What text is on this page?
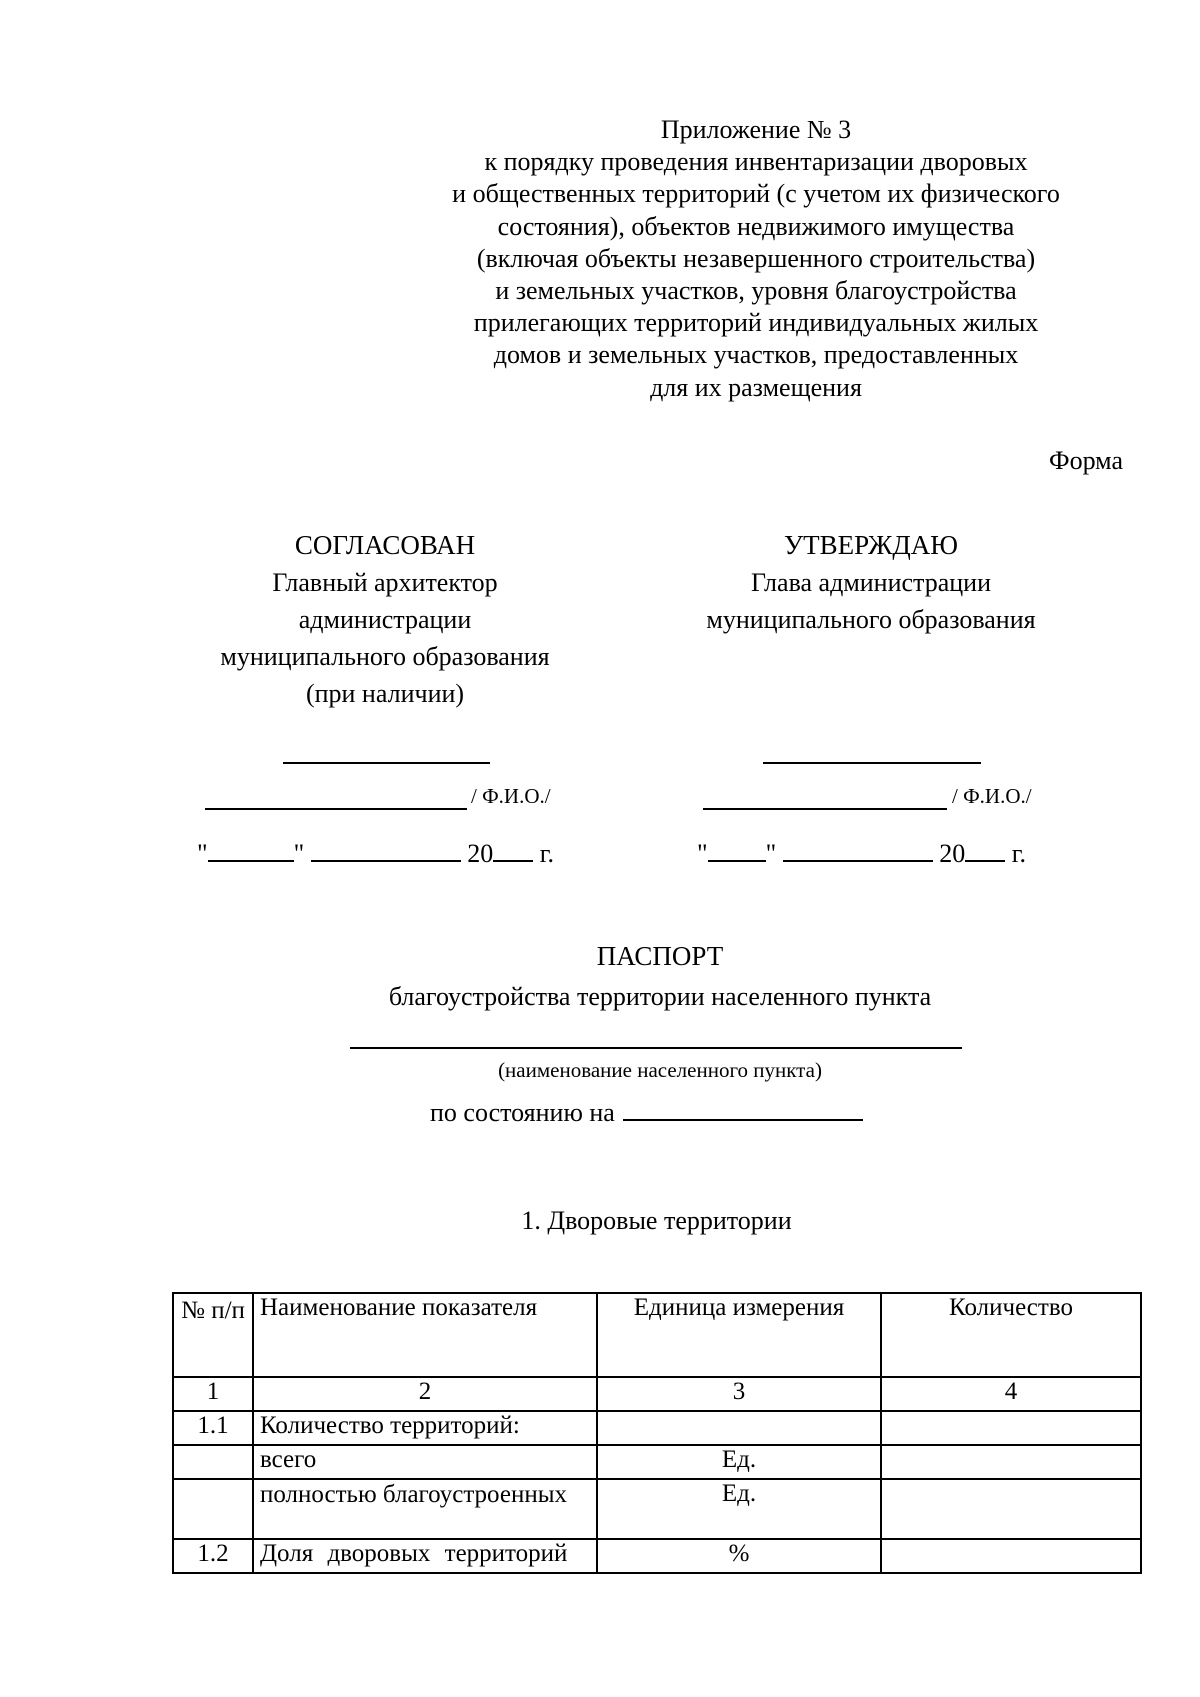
Приложение № 3
к порядку проведения инвентаризации дворовых
и общественных территорий (с учетом их физического
состояния), объектов недвижимого имущества
(включая объекты незавершенного строительства)
и земельных участков, уровня благоустройства
прилегающих территорий индивидуальных жилых
домов и земельных участков, предоставленных
для их размещения
Форма
СОГЛАСОВАН
Главный архитектор
администрации
муниципального образования
(при наличии)
/ Ф.И.О./
"	"	20 г.
УТВЕРЖДАЮ
Глава администрации
муниципального образования
/ Ф.И.О./
" "	20 г.
ПАСПОРТ
благоустройства территории населенного пункта
(наименование населенного пункта)
по состоянию на
1. Дворовые территории
№ п/п	Наименование показателя	Единица измерения	Количество
1	2	3	4
1.1	Количество территорий:		
	всего	Ед.	
	полностью благоустроенных	Ед.	
1.2	Доля дворовых территорий	%	
